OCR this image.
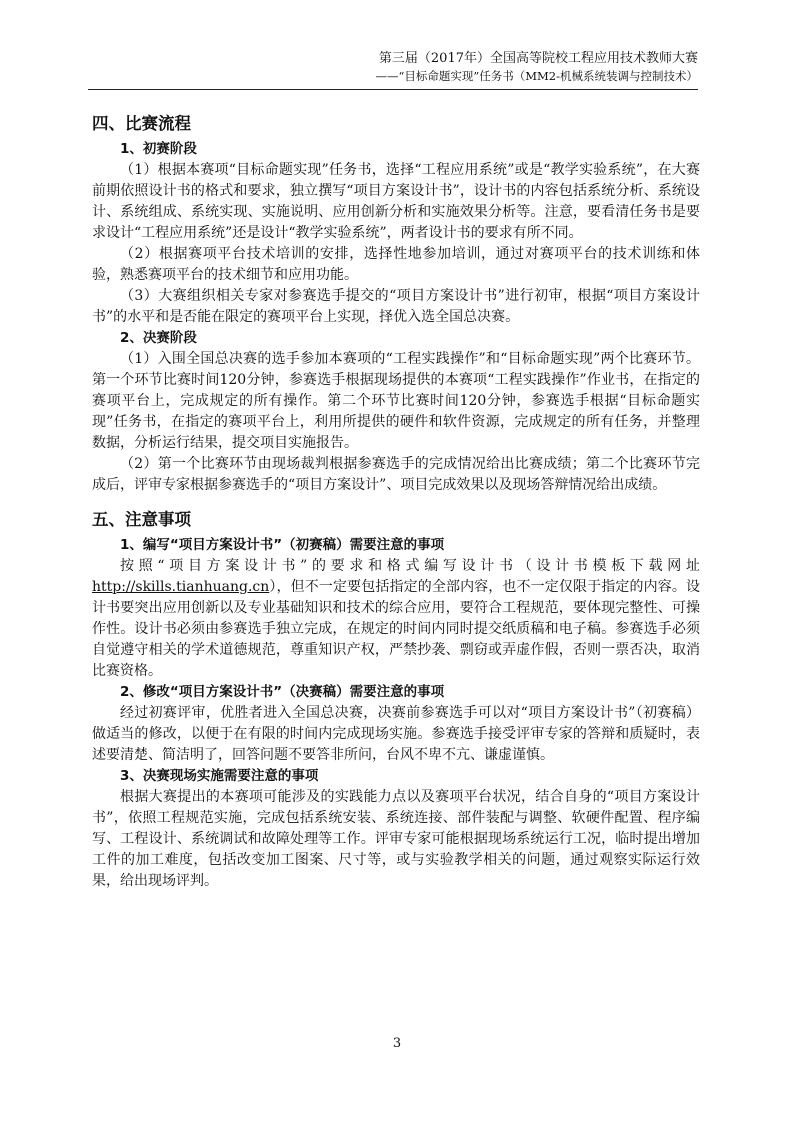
第三届（2017年）全国高等院校工程应用技术教师大赛
——“目标命题实现”任务书（MM2-机械系统装调与控制技术）
四、比赛流程
1、初赛阶段

（1）根据本赛项“目标命题实现”任务书，选择“工程应用系统”或是“教学实验系统”，在大赛前期依照设计书的格式和要求，独立撰写“项目方案设计书”，设计书的内容包括系统分析、系统设计、系统组成、系统实现、实施说明、应用创新分析和实施效果分析等。注意，要看清任务书是要求设计“工程应用系统”还是设计“教学实验系统”，两者设计书的要求有所不同。

（2）根据赛项平台技术培训的安排，选择性地参加培训，通过对赛项平台的技术训练和体验，熟悉赛项平台的技术细节和应用功能。

（3）大赛组织相关专家对参赛选手提交的“项目方案设计书”进行初审，根据“项目方案设计书”的水平和是否能在限定的赛项平台上实现，择优入选全国总决赛。

2、决赛阶段

（1）入围全国总决赛的选手参加本赛项的“工程实践操作”和“目标命题实现”两个比赛环节。第一个环节比赛时间120分钟，参赛选手根据现场提供的本赛项“工程实践操作”作业书，在指定的赛项平台上，完成规定的所有操作。第二个环节比赛时间120分钟，参赛选手根据“目标命题实现”任务书，在指定的赛项平台上，利用所提供的硬件和软件资源，完成规定的所有任务，并整理数据，分析运行结果，提交项目实施报告。

（2）第一个比赛环节由现场裁判根据参赛选手的完成情况给出比赛成绩；第二个比赛环节完成后，评审专家根据参赛选手的“项目方案设计”、项目完成效果以及现场答辩情况给出成绩。

五、注意事项
1、编写“项目方案设计书”（初赛稿）需要注意的事项

按照“项目方案设计书”的要求和格式编写设计书（设计书模板下载网址http://skills.tianhuang.cn），但不一定要包括指定的全部内容，也不一定仅限于指定的内容。设计书要突出应用创新以及专业基础知识和技术的综合应用，要符合工程规范，要体现完整性、可操作性。设计书必须由参赛选手独立完成，在规定的时间内同时提交纸质稿和电子稿。参赛选手必须自觉遵守相关的学术道德规范，尊重知识产权，严禁抄袭、剽窃或弄虚作假，否则一票否决，取消比赛资格。

2、修改“项目方案设计书”（决赛稿）需要注意的事项

经过初赛评审，优胜者进入全国总决赛，决赛前参赛选手可以对“项目方案设计书”（初赛稿）做适当的修改，以便于在有限的时间内完成现场实施。参赛选手接受评审专家的答辩和质疑时，表述要清楚、简洁明了，回答问题不要答非所问，台风不卑不亢、谦虚谨慎。

3、决赛现场实施需要注意的事项

根据大赛提出的本赛项可能涉及的实践能力点以及赛项平台状况，结合自身的“项目方案设计书”，依照工程规范实施，完成包括系统安装、系统连接、部件装配与调整、软硬件配置、程序编写、工程设计、系统调试和故障处理等工作。评审专家可能根据现场系统运行工况，临时提出增加工件的加工难度，包括改变加工图案、尺寸等，或与实验教学相关的问题，通过观察实际运行效果，给出现场评判。

3
